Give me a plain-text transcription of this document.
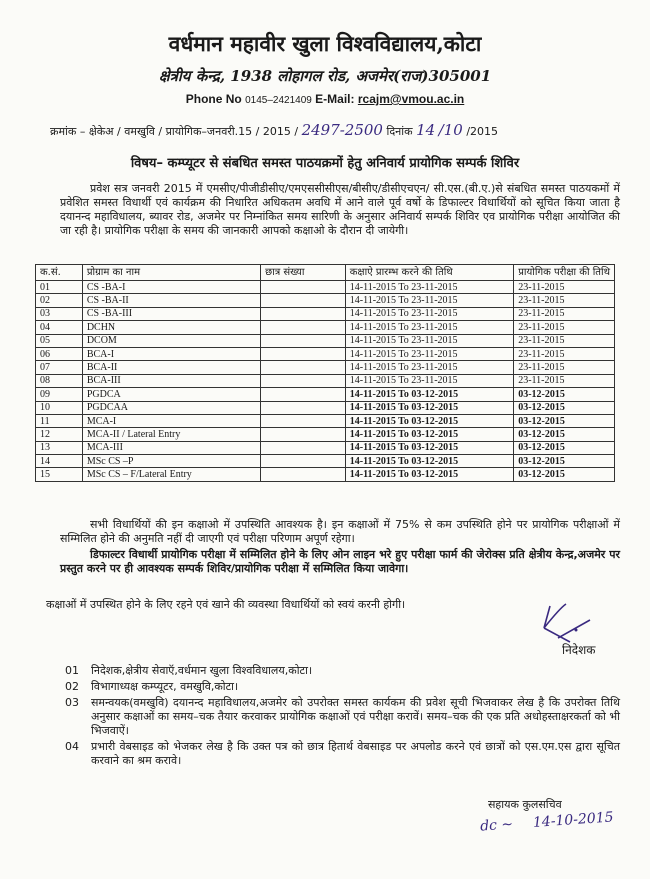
वर्धमान महावीर खुला विश्वविद्यालय,कोटा
क्षेत्रीय केन्द्र, 1938 लोहागल रोड, अजमेर(राज)305001
Phone No 0145–2421409 E-Mail: rcajm@vmou.ac.in
क्रमांक – क्षेकेअ / वमखुवि / प्रायोगिक–जनवरी.15 / 2015 / 2497-2500 दिनांक 14 /10 /2015
विषय– कम्प्यूटर से संबधित समस्त पाठयक्रमों हेतु अनिवार्य प्रायोगिक सम्पर्क शिविर
प्रवेश सत्र जनवरी 2015 में एमसीए/पीजीडीसीए/एमएससीसीएस/बीसीए/डीसीएचएन/ सी.एस.(बी.ए.)से संबधित समस्त पाठयकमों में प्रवेशित समस्त विधार्थी एवं कार्यक्रम की निधारित अधिकतम अवधि में आने वाले पूर्व वर्षो के डिफाल्टर विधार्थियों को सूचित किया जाता है दयानन्द महाविधालय, ब्यावर रोड, अजमेर पर निम्नांकित समय सारिणी के अनुसार अनिवार्य सम्पर्क शिविर एव प्रायोगिक परीक्षा आयोजित की जा रही है। प्रायोगिक परीक्षा के समय की जानकारी आपको कक्षाओ के दौरान दी जायेगी।
क.सं.	प्रोग्राम का नाम	छात्र संख्या	कक्षाऐ प्रारम्भ करने की तिथि	प्रायोगिक परीक्षा की तिथि
01	CS -BA-I		14-11-2015 To 23-11-2015	23-11-2015
02	CS -BA-II		14-11-2015 To 23-11-2015	23-11-2015
03	CS -BA-III		14-11-2015 To 23-11-2015	23-11-2015
04	DCHN		14-11-2015 To 23-11-2015	23-11-2015
05	DCOM		14-11-2015 To 23-11-2015	23-11-2015
06	BCA-I		14-11-2015 To 23-11-2015	23-11-2015
07	BCA-II		14-11-2015 To 23-11-2015	23-11-2015
08	BCA-III		14-11-2015 To 23-11-2015	23-11-2015
09	PGDCA		14-11-2015 To 03-12-2015	03-12-2015
10	PGDCAA		14-11-2015 To 03-12-2015	03-12-2015
11	MCA-I		14-11-2015 To 03-12-2015	03-12-2015
12	MCA-II / Lateral Entry		14-11-2015 To 03-12-2015	03-12-2015
13	MCA-III		14-11-2015 To 03-12-2015	03-12-2015
14	MSc CS –P		14-11-2015 To 03-12-2015	03-12-2015
15	MSc CS – F/Lateral Entry		14-11-2015 To 03-12-2015	03-12-2015
सभी विधार्थियों की इन कक्षाओ में उपस्थिति आवश्यक है। इन कक्षाओं में 75% से कम उपस्थिति होने पर प्रायोगिक परीक्षाओं में सम्मिलित होने की अनुमति नहीं दी जाएगी एवं परीक्षा परिणाम अपूर्ण रहेगा।
डिफाल्टर विधार्थी प्रायोगिक परीक्षा में सम्मिलित होने के लिए ओन लाइन भरे हुए परीक्षा फार्म की जेरोक्स प्रति क्षेत्रीय केन्द्र,अजमेर पर प्रस्तुत करने पर ही आवश्यक सम्पर्क शिविर/प्रायोगिक परीक्षा में सम्मिलित किया जावेगा।
कक्षाओं में उपस्थित होने के लिए रहने एवं खाने की व्यवस्था विधार्थियों को स्वयं करनी होगी।
निदेशक
01	निदेशक,क्षेत्रीय सेवाऍ,वर्धमान खुला विश्वविधालय,कोटा।
02	विभागाध्यक्ष कम्प्यूटर, वमखुवि,कोटा।
03	समन्वयक(वमखुवि) दयानन्द महाविधालय,अजमेर को उपरोक्त समस्त कार्यकम की प्रवेश सूची भिजवाकर लेख है कि उपरोक्त तिथि अनुसार कक्षाओं का समय–चक तैयार करवाकर प्रायोगिक कक्षाओं एवं परीक्षा करावें। समय–चक की एक प्रति अधोहस्ताक्षरकर्ता को भी भिजवाऐं।
04	प्रभारी वेबसाइड को भेजकर लेख है कि उक्त पत्र को छात्र हितार्थ वेबसाइड पर अपलोड करने एवं छात्रों को एस.एम.एस द्वारा सूचित करवाने का श्रम करावे।
सहायक कुलसचिव
dc ~ 14-10-2015
